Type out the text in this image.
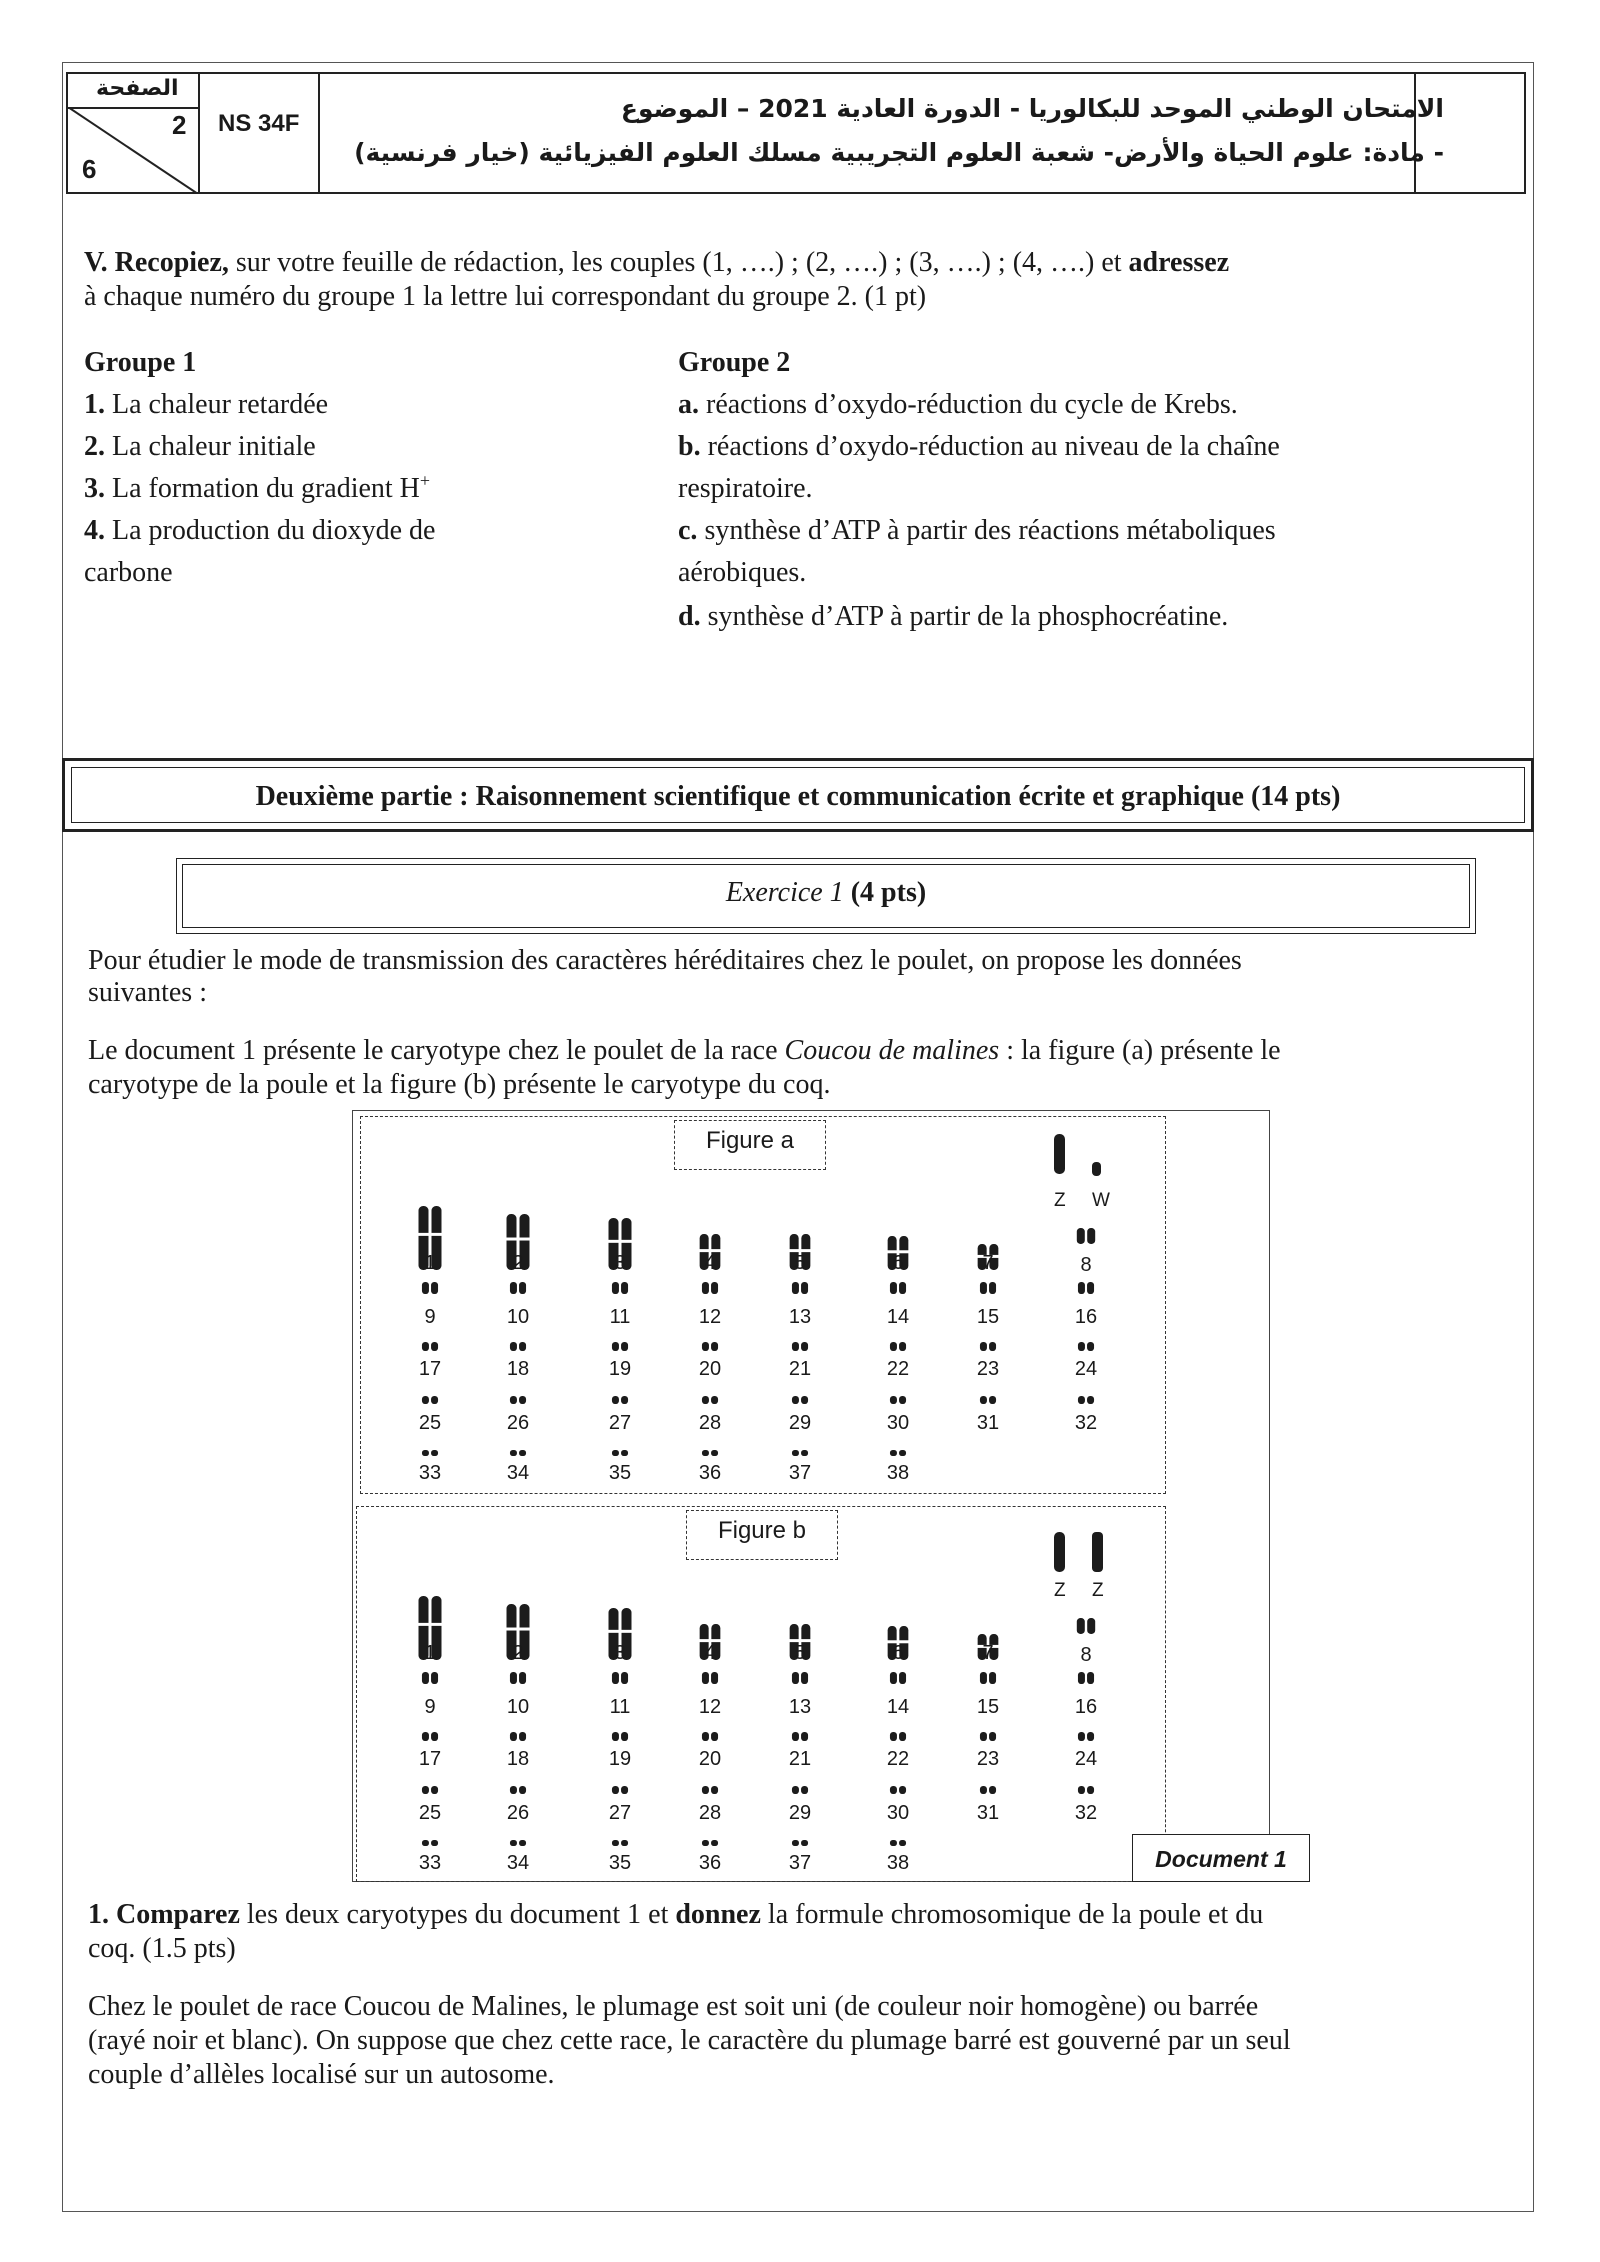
الصفحة
2
6
NS 34F
الامتحان الوطني الموحد للبكالوريا - الدورة العادية 2021 – الموضوع
- مادة: علوم الحياة والأرض- شعبة العلوم التجريبية مسلك العلوم الفيزيائية (خيار فرنسية)
V. Recopiez, sur votre feuille de rédaction, les couples (1, ….) ; (2, ….) ; (3, ….) ; (4, ….) et adressez
à chaque numéro du groupe 1 la lettre lui correspondant du groupe 2. (1 pt)
Groupe 1
1. La chaleur retardée
2. La chaleur initiale
3. La formation du gradient H+
4. La production du dioxyde de
carbone
Groupe 2
a. réactions d’oxydo-réduction du cycle de Krebs.
b. réactions d’oxydo-réduction au niveau de la chaîne
respiratoire.
c. synthèse d’ATP à partir des réactions métaboliques
aérobiques.
d. synthèse d’ATP à partir de la phosphocréatine.
Deuxième partie : Raisonnement scientifique et communication écrite et graphique (14 pts)
Exercice 1 (4 pts)
Pour étudier le mode de transmission des caractères héréditaires chez le poulet, on propose les données
suivantes :
Le document 1 présente le caryotype chez le poulet de la race Coucou de malines : la figure (a) présente le
caryotype de la poule et la figure (b) présente le caryotype du coq.
Figure a
Figure b
1	2	3	4	5	6	7	8
Z W
9	10	11	12	13	14	15	16
17	18	19	20	21	22	23	24
25	26	27	28	29	30	31	32
33	34	35	36	37	38
1	2	3	4	5	6	7	8
Z Z
9	10	11	12	13	14	15	16
17	18	19	20	21	22	23	24
25	26	27	28	29	30	31	32
33	34	35	36	37	38	Document 1
1. Comparez les deux caryotypes du document 1 et donnez la formule chromosomique de la poule et du
coq. (1.5 pts)
Chez le poulet de race Coucou de Malines, le plumage est soit uni (de couleur noir homogène) ou barrée
(rayé noir et blanc). On suppose que chez cette race, le caractère du plumage barré est gouverné par un seul
couple d’allèles localisé sur un autosome.
